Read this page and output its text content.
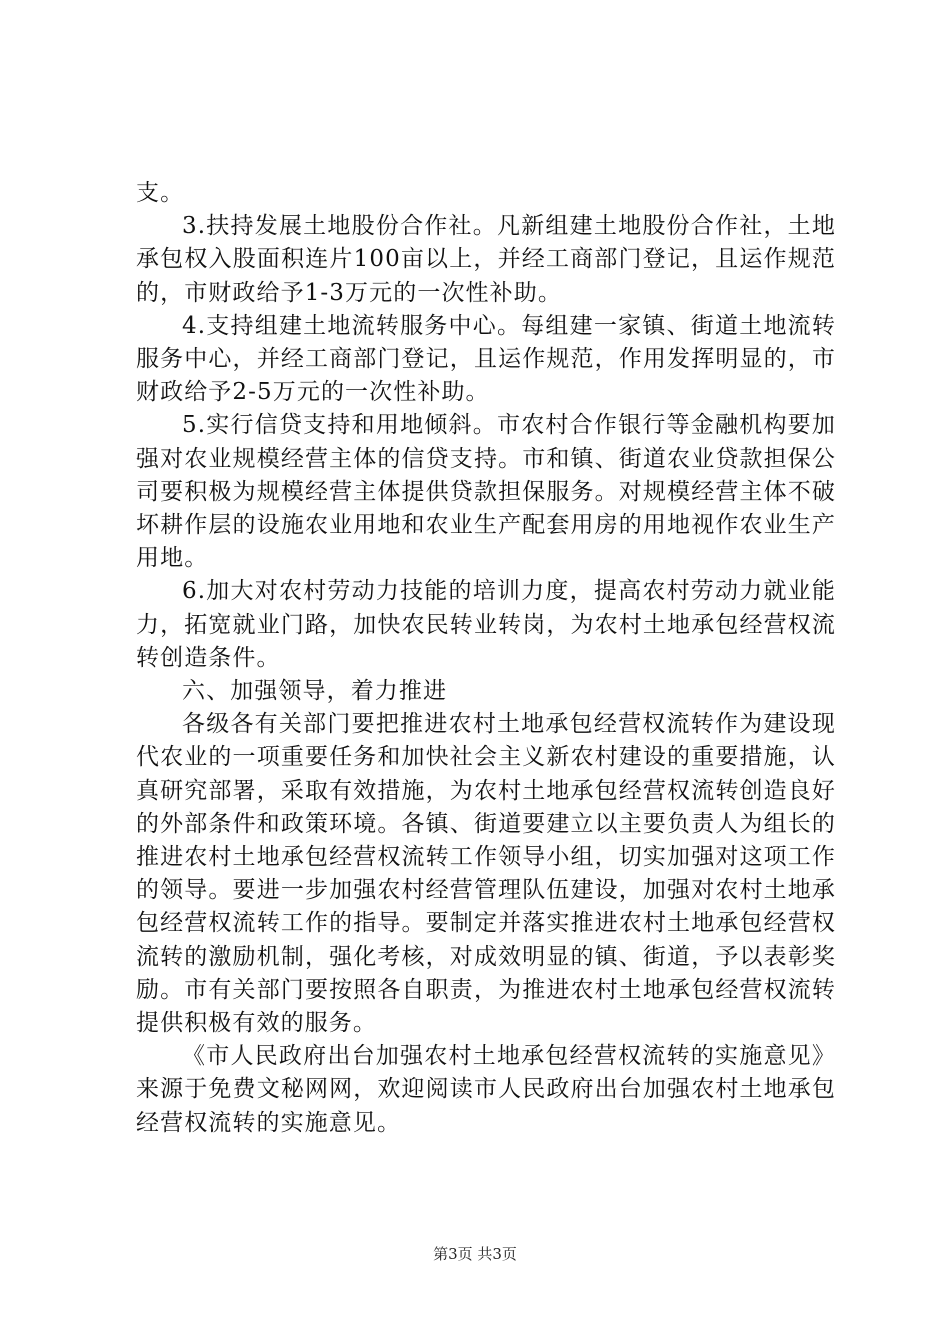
支。

3.扶持发展土地股份合作社。凡新组建土地股份合作社，土地承包权入股面积连片100亩以上，并经工商部门登记，且运作规范的，市财政给予1-3万元的一次性补助。

4.支持组建土地流转服务中心。每组建一家镇、街道土地流转服务中心，并经工商部门登记，且运作规范，作用发挥明显的，市财政给予2-5万元的一次性补助。

5.实行信贷支持和用地倾斜。市农村合作银行等金融机构要加强对农业规模经营主体的信贷支持。市和镇、街道农业贷款担保公司要积极为规模经营主体提供贷款担保服务。对规模经营主体不破坏耕作层的设施农业用地和农业生产配套用房的用地视作农业生产用地。

6.加大对农村劳动力技能的培训力度，提高农村劳动力就业能力，拓宽就业门路，加快农民转业转岗，为农村土地承包经营权流转创造条件。

六、加强领导，着力推进

各级各有关部门要把推进农村土地承包经营权流转作为建设现代农业的一项重要任务和加快社会主义新农村建设的重要措施，认真研究部署，采取有效措施，为农村土地承包经营权流转创造良好的外部条件和政策环境。各镇、街道要建立以主要负责人为组长的推进农村土地承包经营权流转工作领导小组，切实加强对这项工作的领导。要进一步加强农村经营管理队伍建设，加强对农村土地承包经营权流转工作的指导。要制定并落实推进农村土地承包经营权流转的激励机制，强化考核，对成效明显的镇、街道，予以表彰奖励。市有关部门要按照各自职责，为推进农村土地承包经营权流转提供积极有效的服务。

《市人民政府出台加强农村土地承包经营权流转的实施意见》来源于免费文秘网网，欢迎阅读市人民政府出台加强农村土地承包经营权流转的实施意见。

第3页 共3页
